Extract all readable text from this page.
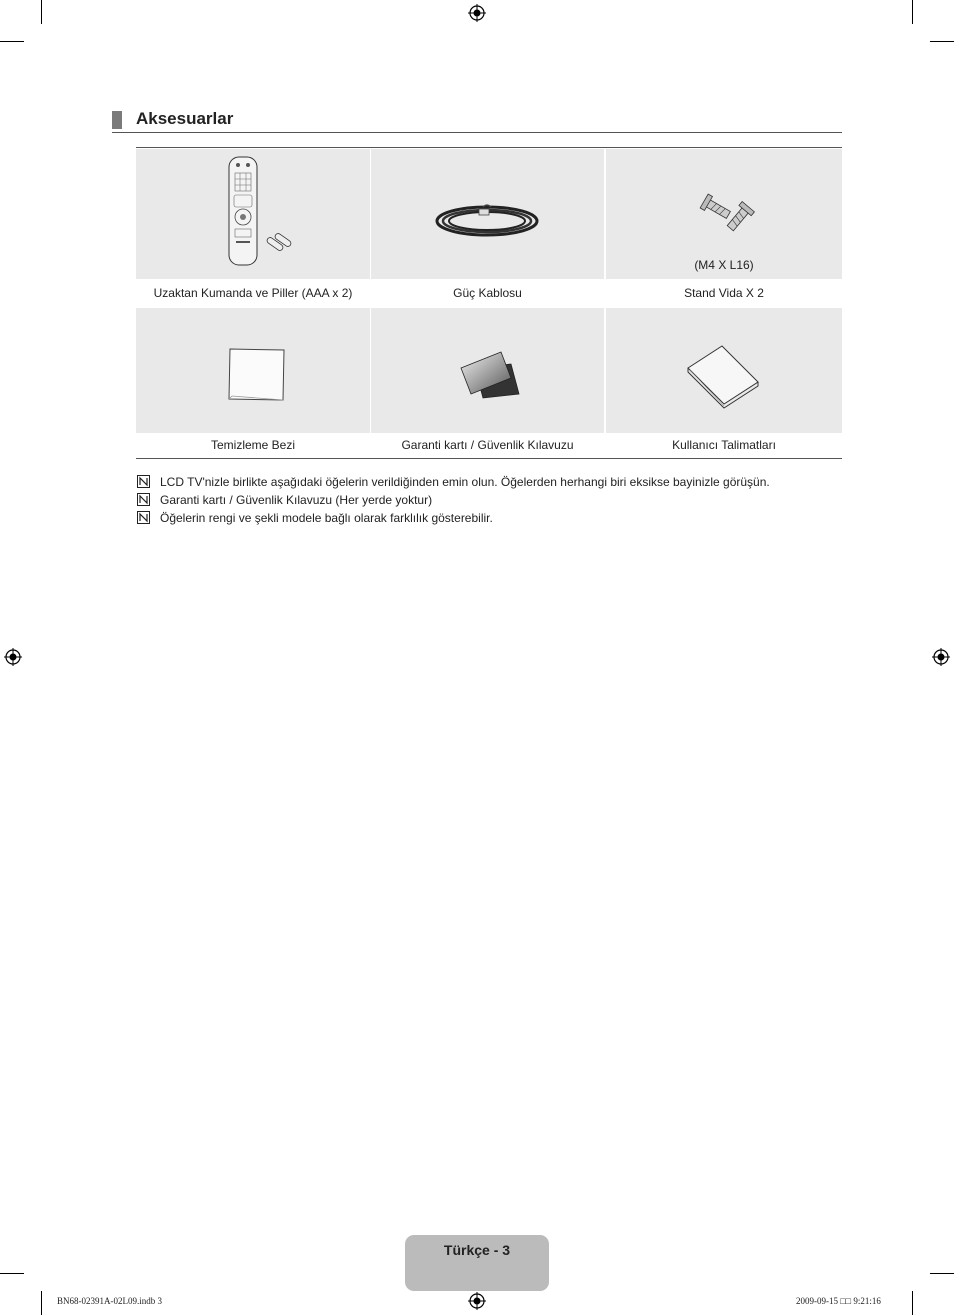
Aksesuarlar
(M4 X L16)
Uzaktan Kumanda ve Piller (AAA x 2)	Güç Kablosu	Stand Vida X 2
Temizleme Bezi	Garanti kartı / Güvenlik Kılavuzu	Kullanıcı Talimatları
LCD TV'nizle birlikte aşağıdaki öğelerin verildiğinden emin olun. Öğelerden herhangi biri eksikse bayinizle görüşün.
Garanti kartı / Güvenlik Kılavuzu (Her yerde yoktur)
Öğelerin rengi ve şekli modele bağlı olarak farklılık gösterebilir.
Türkçe - 3
BN68-02391A-02L09.indb 3	2009-09-15 □□ 9:21:16
